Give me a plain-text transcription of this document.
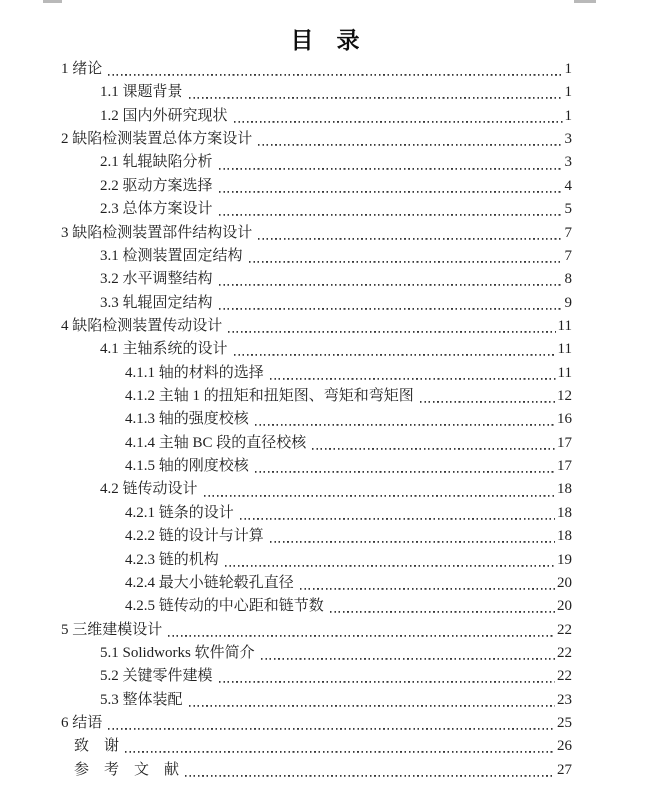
目　录
1 绪论	1
1.1 课题背景	1
1.2 国内外研究现状	1
2 缺陷检测装置总体方案设计	3
2.1 轧辊缺陷分析	3
2.2 驱动方案选择	4
2.3 总体方案设计	5
3 缺陷检测装置部件结构设计	7
3.1 检测装置固定结构	7
3.2 水平调整结构	8
3.3 轧辊固定结构	9
4 缺陷检测装置传动设计	11
4.1 主轴系统的设计	11
4.1.1 轴的材料的选择	11
4.1.2 主轴 1 的扭矩和扭矩图、弯矩和弯矩图	12
4.1.3 轴的强度校核	16
4.1.4 主轴 BC 段的直径校核	17
4.1.5 轴的刚度校核	17
4.2 链传动设计	18
4.2.1 链条的设计	18
4.2.2 链的设计与计算	18
4.2.3 链的机构	19
4.2.4 最大小链轮毂孔直径	20
4.2.5 链传动的中心距和链节数	20
5 三维建模设计	22
5.1 Solidworks 软件简介	22
5.2 关键零件建模	22
5.3 整体装配	23
6 结语	25
致　谢	26
参　考　文　献	27
